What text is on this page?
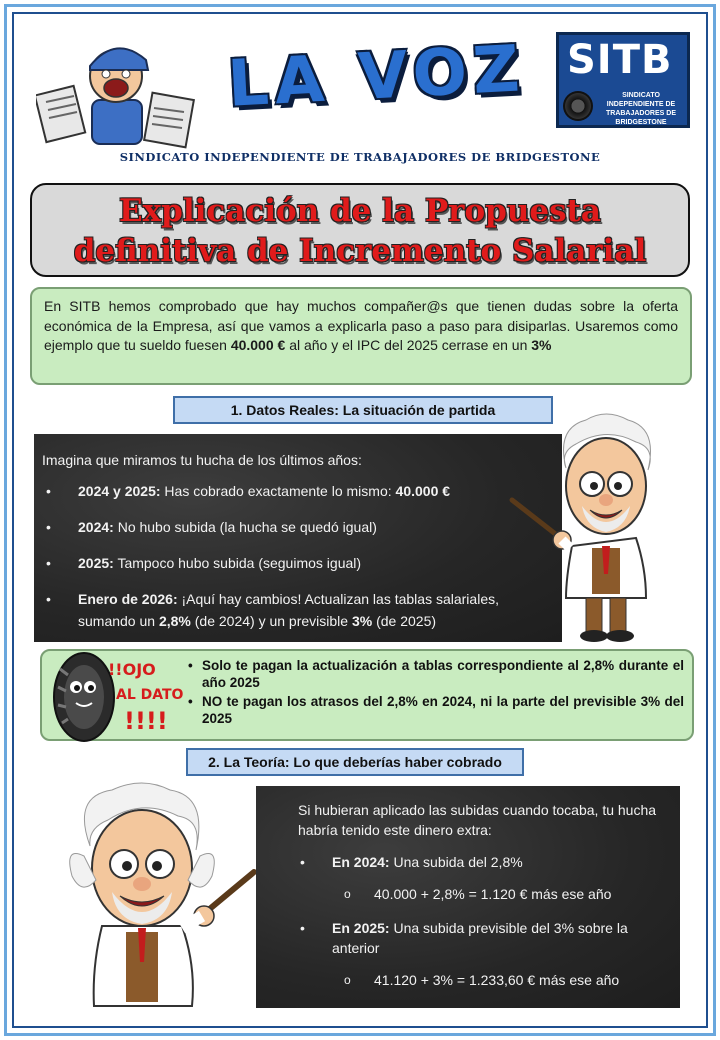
LA VOZ SITB
SINDICATO INDEPENDIENTE DE TRABAJADORES DE BRIDGESTONE
SINDICATO INDEPENDIENTE DE TRABAJADORES DE BRIDGESTONE
Explicación de la Propuesta
definitiva de Incremento Salarial
En SITB hemos comprobado que hay muchos compañer@s que tienen dudas sobre la oferta económica de la Empresa, así que vamos a explicarla paso a paso para disiparlas. Usaremos como ejemplo que tu sueldo fuesen 40.000 € al año y el IPC del 2025 cerrase en un 3%
1. Datos Reales: La situación de partida
Imagina que miramos tu hucha de los últimos años:
• 2024 y 2025: Has cobrado exactamente lo mismo: 40.000 €
• 2024: No hubo subida (la hucha se quedó igual)
• 2025: Tampoco hubo subida (seguimos igual)
• Enero de 2026: ¡Aquí hay cambios! Actualizan las tablas salariales, sumando un 2,8% (de 2024) y un previsible 3% (de 2025)
!!OJO
AL DATO
!!!!
• Solo te pagan la actualización a tablas correspondiente al 2,8% durante el año 2025
• NO te pagan los atrasos del 2,8% en 2024, ni la parte del previsible 3% del 2025
2. La Teoría: Lo que deberías haber cobrado
Si hubieran aplicado las subidas cuando tocaba, tu hucha habría tenido este dinero extra:
• En 2024: Una subida del 2,8%
o 40.000 + 2,8% = 1.120 € más ese año
• En 2025: Una subida previsible del 3% sobre la anterior
o 41.120 + 3% = 1.233,60 € más ese año
